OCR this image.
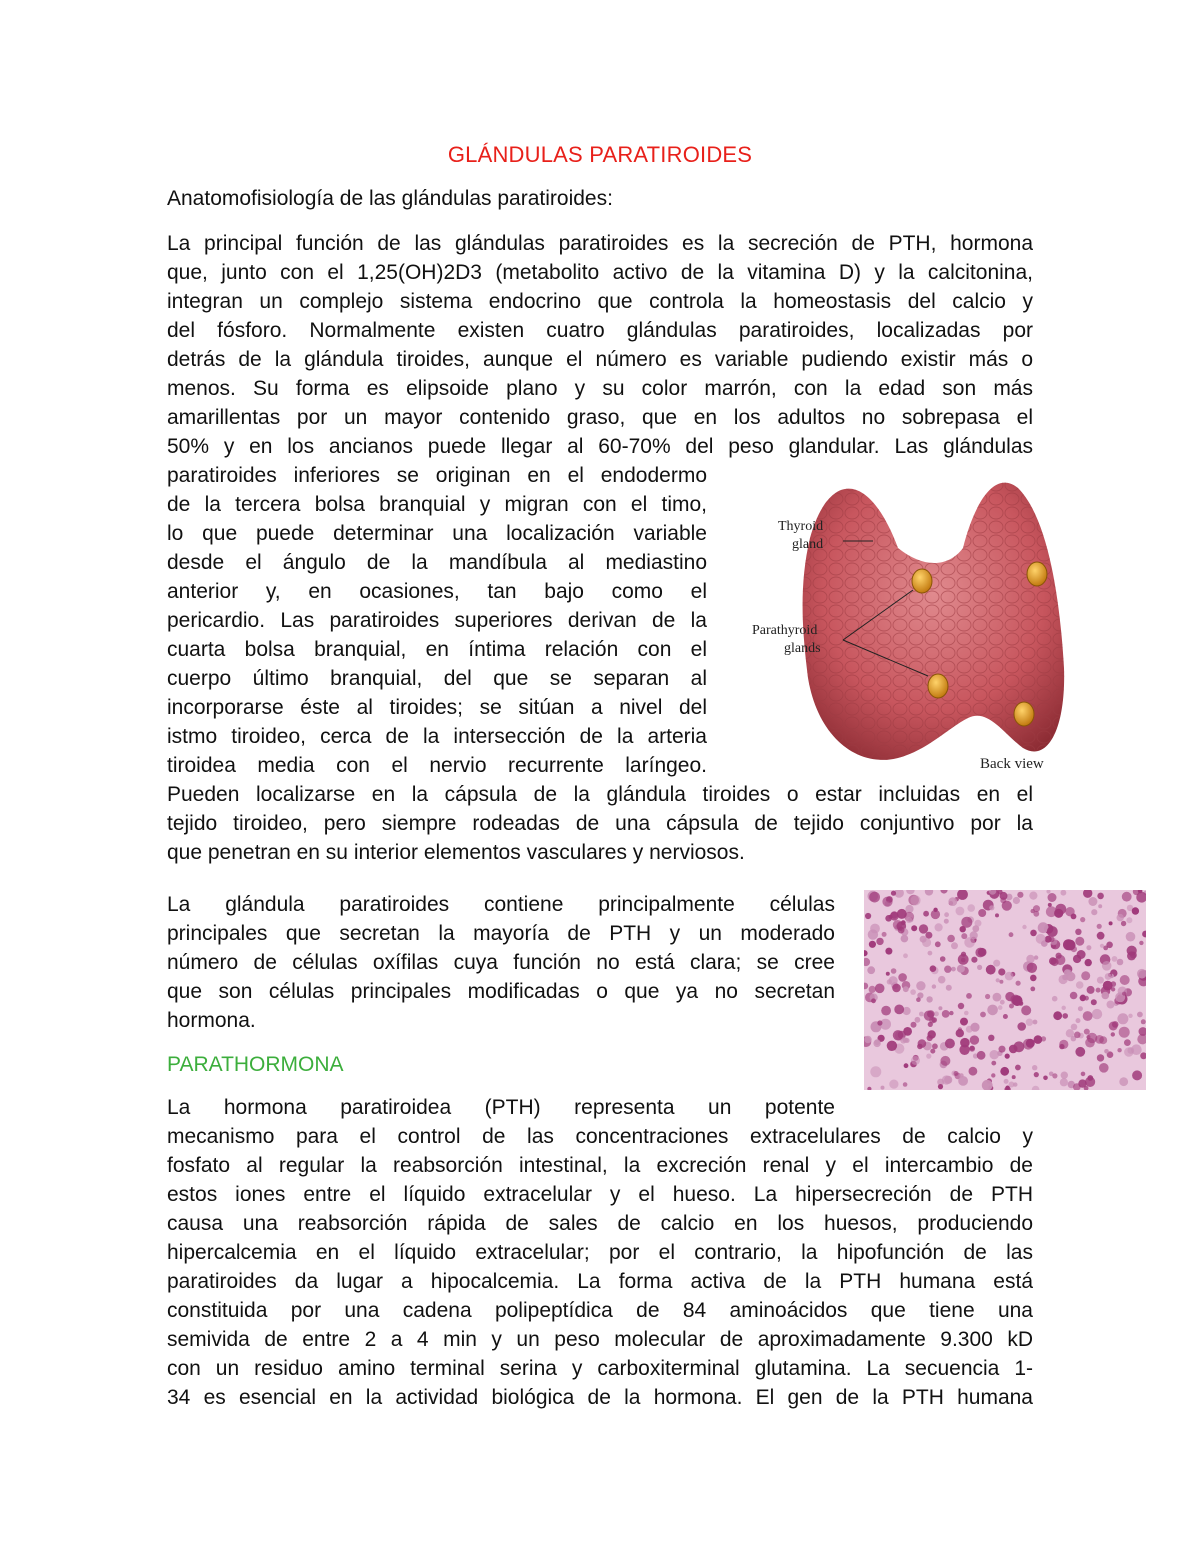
GLÁNDULAS PARATIROIDES
Anatomofisiología de las glándulas paratiroides:
La principal función de las glándulas paratiroides es la secreción de PTH, hormona
que, junto con el 1,25(OH)2D3 (metabolito activo de la vitamina D) y la calcitonina,
integran un complejo sistema endocrino que controla la homeostasis del calcio y
del fósforo. Normalmente existen cuatro glándulas paratiroides, localizadas por
detrás de la glándula tiroides, aunque el número es variable pudiendo existir más o
menos. Su forma es elipsoide plano y su color marrón, con la edad son más
amarillentas por un mayor contenido graso, que en los adultos no sobrepasa el
50% y en los ancianos puede llegar al 60-70% del peso glandular. Las glándulas
paratiroides inferiores se originan en el endodermo
de la tercera bolsa branquial y migran con el timo,
lo que puede determinar una localización variable
desde el ángulo de la mandíbula al mediastino
anterior y, en ocasiones, tan bajo como el
pericardio. Las paratiroides superiores derivan de la
cuarta bolsa branquial, en íntima relación con el
cuerpo último branquial, del que se separan al
incorporarse éste al tiroides; se sitúan a nivel del
istmo tiroideo, cerca de la intersección de la arteria
tiroidea media con el nervio recurrente laríngeo.
Pueden localizarse en la cápsula de la glándula tiroides o estar incluidas en el
tejido tiroideo, pero siempre rodeadas de una cápsula de tejido conjuntivo por la
que penetran en su interior elementos vasculares y nerviosos.
La glándula paratiroides contiene principalmente células
principales que secretan la mayoría de PTH y un moderado
número de células oxífilas cuya función no está clara; se cree
que son células principales modificadas o que ya no secretan
hormona.
PARATHORMONA
La hormona paratiroidea (PTH) representa un potente
mecanismo para el control de las concentraciones extracelulares de calcio y
fosfato al regular la reabsorción intestinal, la excreción renal y el intercambio de
estos iones entre el líquido extracelular y el hueso. La hipersecreción de PTH
causa una reabsorción rápida de sales de calcio en los huesos, produciendo
hipercalcemia en el líquido extracelular; por el contrario, la hipofunción de las
paratiroides da lugar a hipocalcemia. La forma activa de la PTH humana está
constituida por una cadena polipeptídica de 84 aminoácidos que tiene una
semivida de entre 2 a 4 min y un peso molecular de aproximadamente 9.300 kD
con un residuo amino terminal serina y carboxiterminal glutamina. La secuencia 1-
34 es esencial en la actividad biológica de la hormona. El gen de la PTH humana
Thyroid
gland
Parathyroid
glands
Back view
